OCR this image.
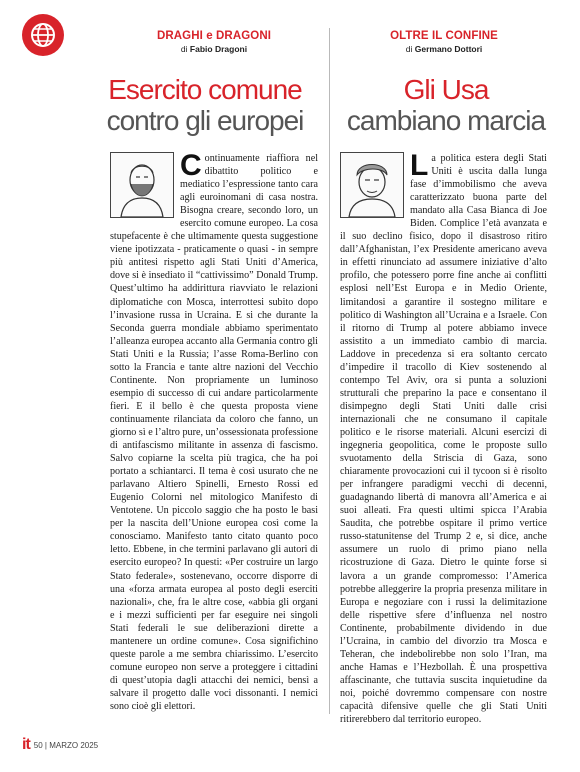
DRAGHI e DRAGONI
di Fabio Dragoni
OLTRE IL CONFINE
di Germano Dottori
Esercito comune
contro gli europei
Gli Usa
cambiano marcia

Continuamente riaffiora nel dibattito politico e mediatico l’espressione tanto cara agli euroinomani di casa nostra. Bisogna creare, secondo loro, un esercito comune europeo. La cosa stupefacente è che ultimamente questa suggestione viene ipotizzata - praticamente o quasi - in sempre più antitesi rispetto agli Stati Uniti d’America, dove si è insediato il “cattivissimo” Donald Trump. Quest’ultimo ha addirittura riavviato le relazioni diplomatiche con Mosca, interrottesi subito dopo l’invasione russa in Ucraina. E si che durante la Seconda guerra mondiale abbiamo sperimentato l’alleanza europea accanto alla Germania contro gli Stati Uniti e la Russia; l’asse Roma-Berlino con sotto la Francia e tante altre nazioni del Vecchio Continente. Non propriamente un luminoso esempio di successo di cui andare particolarmente fieri. E il bello è che questa proposta viene continuamente rilanciata da coloro che fanno, un giorno sì e l’altro pure, un’ossessionata professione di antifascismo militante in assenza di fascismo. Salvo copiarne la scelta più tragica, che ha poi portato a schiantarci. Il tema è così usurato che ne parlavano Altiero Spinelli, Ernesto Rossi ed Eugenio Colorni nel mitologico Manifesto di Ventotene. Un piccolo saggio che ha posto le basi per la nascita dell’Unione europea così come la conosciamo. Manifesto tanto citato quanto poco letto. Ebbene, in che termini parlavano gli autori di esercito europeo? In questi: «Per costruire un largo Stato federale», sostenevano, occorre disporre di una «forza armata europea al posto degli eserciti nazionali», che, fra le altre cose, «abbia gli organi e i mezzi sufficienti per far eseguire nei singoli Stati federali le sue deliberazioni dirette a mantenere un ordine comune». Cosa significhino queste parole a me sembra chiarissimo. L’esercito comune europeo non serve a proteggere i cittadini di quest’utopia dagli attacchi dei nemici, bensì a salvare il progetto dalle voci dissonanti. I nemici sono cioè gli elettori.

La politica estera degli Stati Uniti è uscita dalla lunga fase d’immobilismo che aveva caratterizzato buona parte del mandato alla Casa Bianca di Joe Biden. Complice l’età avanzata e il suo declino fisico, dopo il disastroso ritiro dall’Afghanistan, l’ex Presidente americano aveva in effetti rinunciato ad assumere iniziative d’alto profilo, che potessero porre fine anche ai conflitti esplosi nell’Est Europa e in Medio Oriente, limitandosi a garantire il sostegno militare e politico di Washington all’Ucraina e a Israele. Con il ritorno di Trump al potere abbiamo invece assistito a un immediato cambio di marcia. Laddove in precedenza si era soltanto cercato d’impedire il tracollo di Kiev sostenendo al contempo Tel Aviv, ora si punta a soluzioni strutturali che preparino la pace e consentano il disimpegno degli Stati Uniti dalle crisi internazionali che ne consumano il capitale politico e le risorse materiali. Alcuni esercizi di ingegneria geopolitica, come le proposte sullo svuotamento della Striscia di Gaza, sono chiaramente provocazioni cui il tycoon si è risolto per infrangere paradigmi vecchi di decenni, guadagnando libertà di manovra all’America e ai suoi alleati. Fra questi ultimi spicca l’Arabia Saudita, che potrebbe ospitare il primo vertice russo-statunitense del Trump 2 e, si dice, anche assumere un ruolo di primo piano nella ricostruzione di Gaza. Dietro le quinte forse si lavora a un grande compromesso: l’America potrebbe alleggerire la propria presenza militare in Europa e negoziare con i russi la delimitazione delle rispettive sfere d’influenza nel nostro Continente, probabilmente dividendo in due l’Ucraina, in cambio del divorzio tra Mosca e Teheran, che indebolirebbe non solo l’Iran, ma anche Hamas e l’Hezbollah. È una prospettiva affascinante, che tuttavia suscita inquietudine da noi, poiché dovremmo compensare con nostre capacità difensive quelle che gli Stati Uniti ritirerebbero dal territorio europeo.

it 50 | MARZO 2025
